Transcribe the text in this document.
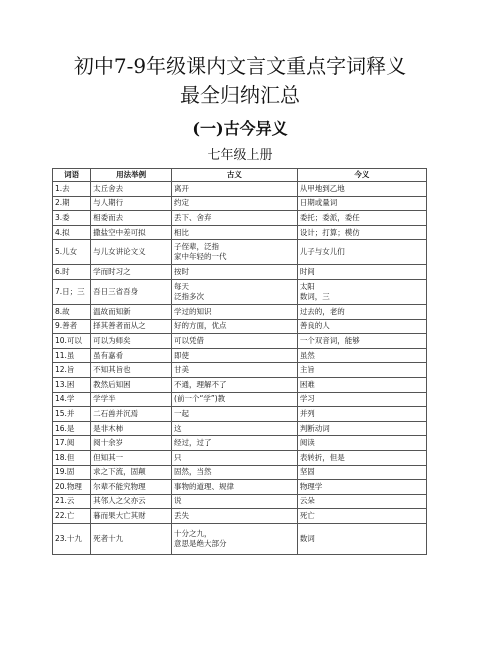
初中7-9年级课内文言文重点字词释义
最全归纳汇总
(一)古今异义
七年级上册
词语	用法举例	古义	今义
1.去	太丘舍去	离开	从甲地到乙地

2.期	与人期行	约定	日期或量词

3.委	相委而去	丢下、舍弃	委托；委派，委任

4.拟	撒盐空中差可拟	相比	设计；打算；模仿

5.儿女	与儿女讲论文义	子侄辈，泛指
家中年轻的一代	儿子与女儿们

6.时	学而时习之	按时	时间

7.日；三	吾日三省吾身	每天
泛指多次	太阳
数词，三

8.故	温故而知新	学过的知识	过去的，老的

9.善者	择其善者而从之	好的方面，优点	善良的人

10.可以	可以为师矣	可以凭借	一个双音词，能够

11.虽	虽有嘉肴	即使	虽然

12.旨	不知其旨也	甘美	主旨

13.困	教然后知困	不通，理解不了	困难

14.学	学学半	(前一个“学”)教	学习

15.并	二石兽并沉焉	一起	并列

16.是	是非木柿	这	判断动词

17.阅	阅十余岁	经过，过了	阅读

18.但	但知其一	只	表转折，但是

19.固	求之下流，固颠	固然，当然	坚固

20.物理	尔辈不能究物理	事物的道理、规律	物理学

21.云	其邻人之父亦云	说	云朵

22.亡	暮而果大亡其财	丢失	死亡

23.十九	死者十九	十分之九，
意思是绝大部分	数词
